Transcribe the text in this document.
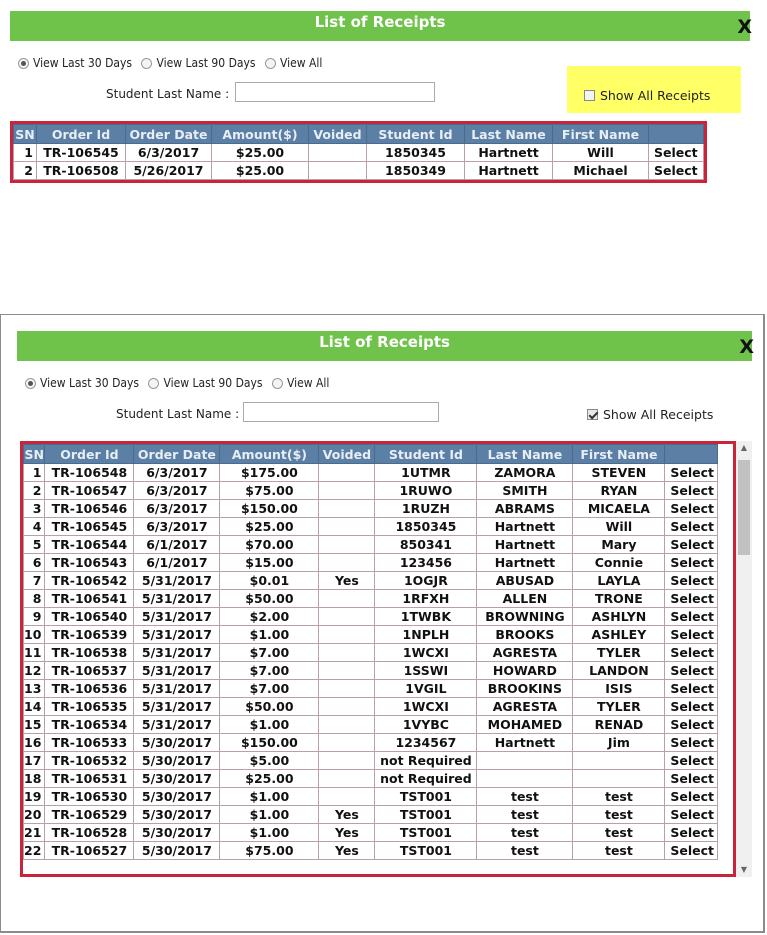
List of Receipts	X
View Last 30 Days View Last 90 Days View All
Student Last Name :	Show All Receipts
SN	Order Id	Order Date	Amount($)	Voided	Student Id	Last Name	First Name	
1	TR-106545	6/3/2017	$25.00		1850345	Hartnett	Will	Select
2	TR-106508	5/26/2017	$25.00		1850349	Hartnett	Michael	Select
List of Receipts	X
View Last 30 Days View Last 90 Days View All
Student Last Name :	Show All Receipts
SN	Order Id	Order Date	Amount($)	Voided	Student Id	Last Name	First Name	
1	TR-106548	6/3/2017	$175.00		1UTMR	ZAMORA	STEVEN	Select
2	TR-106547	6/3/2017	$75.00		1RUWO	SMITH	RYAN	Select
3	TR-106546	6/3/2017	$150.00		1RUZH	ABRAMS	MICAELA	Select
4	TR-106545	6/3/2017	$25.00		1850345	Hartnett	Will	Select
5	TR-106544	6/1/2017	$70.00		850341	Hartnett	Mary	Select
6	TR-106543	6/1/2017	$15.00		123456	Hartnett	Connie	Select
7	TR-106542	5/31/2017	$0.01	Yes	1OGJR	ABUSAD	LAYLA	Select
8	TR-106541	5/31/2017	$50.00		1RFXH	ALLEN	TRONE	Select
9	TR-106540	5/31/2017	$2.00		1TWBK	BROWNING	ASHLYN	Select
10	TR-106539	5/31/2017	$1.00		1NPLH	BROOKS	ASHLEY	Select
11	TR-106538	5/31/2017	$7.00		1WCXI	AGRESTA	TYLER	Select
12	TR-106537	5/31/2017	$7.00		1SSWI	HOWARD	LANDON	Select
13	TR-106536	5/31/2017	$7.00		1VGIL	BROOKINS	ISIS	Select
14	TR-106535	5/31/2017	$50.00		1WCXI	AGRESTA	TYLER	Select
15	TR-106534	5/31/2017	$1.00		1VYBC	MOHAMED	RENAD	Select
16	TR-106533	5/30/2017	$150.00		1234567	Hartnett	Jim	Select
17	TR-106532	5/30/2017	$5.00		not Required			Select
18	TR-106531	5/30/2017	$25.00		not Required			Select
19	TR-106530	5/30/2017	$1.00		TST001	test	test	Select
20	TR-106529	5/30/2017	$1.00	Yes	TST001	test	test	Select
21	TR-106528	5/30/2017	$1.00	Yes	TST001	test	test	Select
22	TR-106527	5/30/2017	$75.00	Yes	TST001	test	test	Select
▲
▼
